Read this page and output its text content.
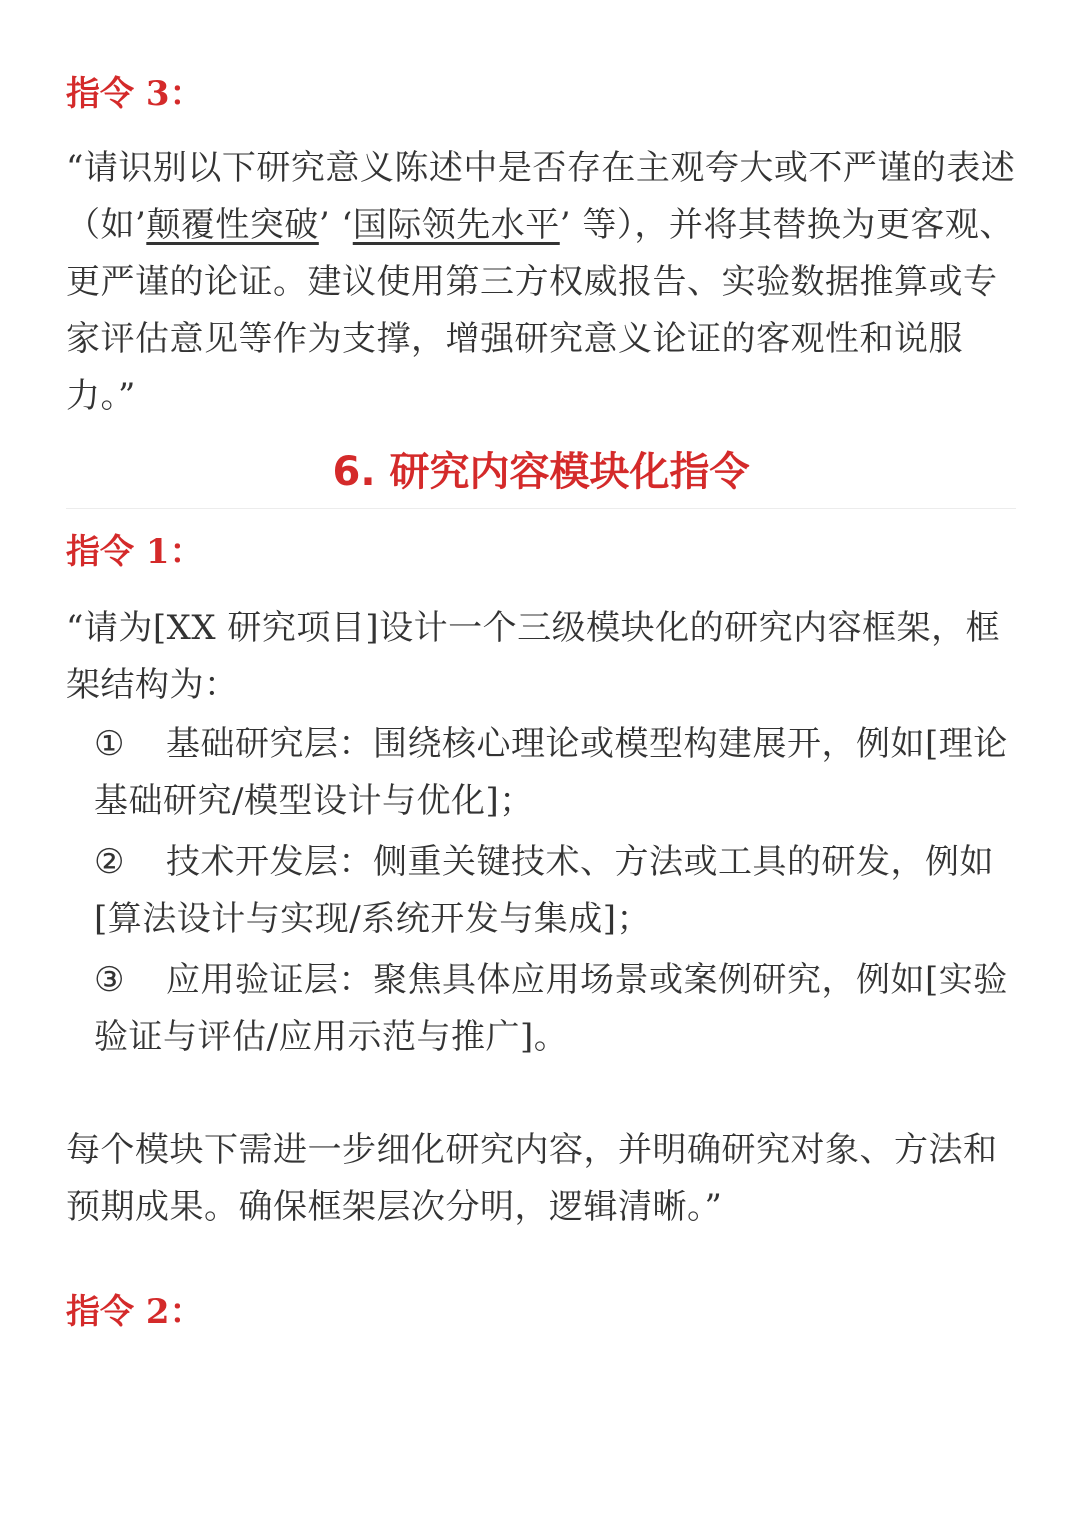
指令 3：

“请识别以下研究意义陈述中是否存在主观夸大或不严谨的表述（如’颠覆性突破’ ‘国际领先水平’ 等），并将其替换为更客观、更严谨的论证。建议使用第三方权威报告、实验数据推算或专家评估意见等作为支撑，增强研究意义论证的客观性和说服力。”

6. 研究内容模块化指令

指令 1：

“请为[XX 研究项目]设计一个三级模块化的研究内容框架，框架结构为：

① 基础研究层：围绕核心理论或模型构建展开，例如[理论基础研究/模型设计与优化]；

② 技术开发层：侧重关键技术、方法或工具的研发，例如[算法设计与实现/系统开发与集成]；

③ 应用验证层：聚焦具体应用场景或案例研究，例如[实验验证与评估/应用示范与推广]。

每个模块下需进一步细化研究内容，并明确研究对象、方法和预期成果。确保框架层次分明，逻辑清晰。”

指令 2：
